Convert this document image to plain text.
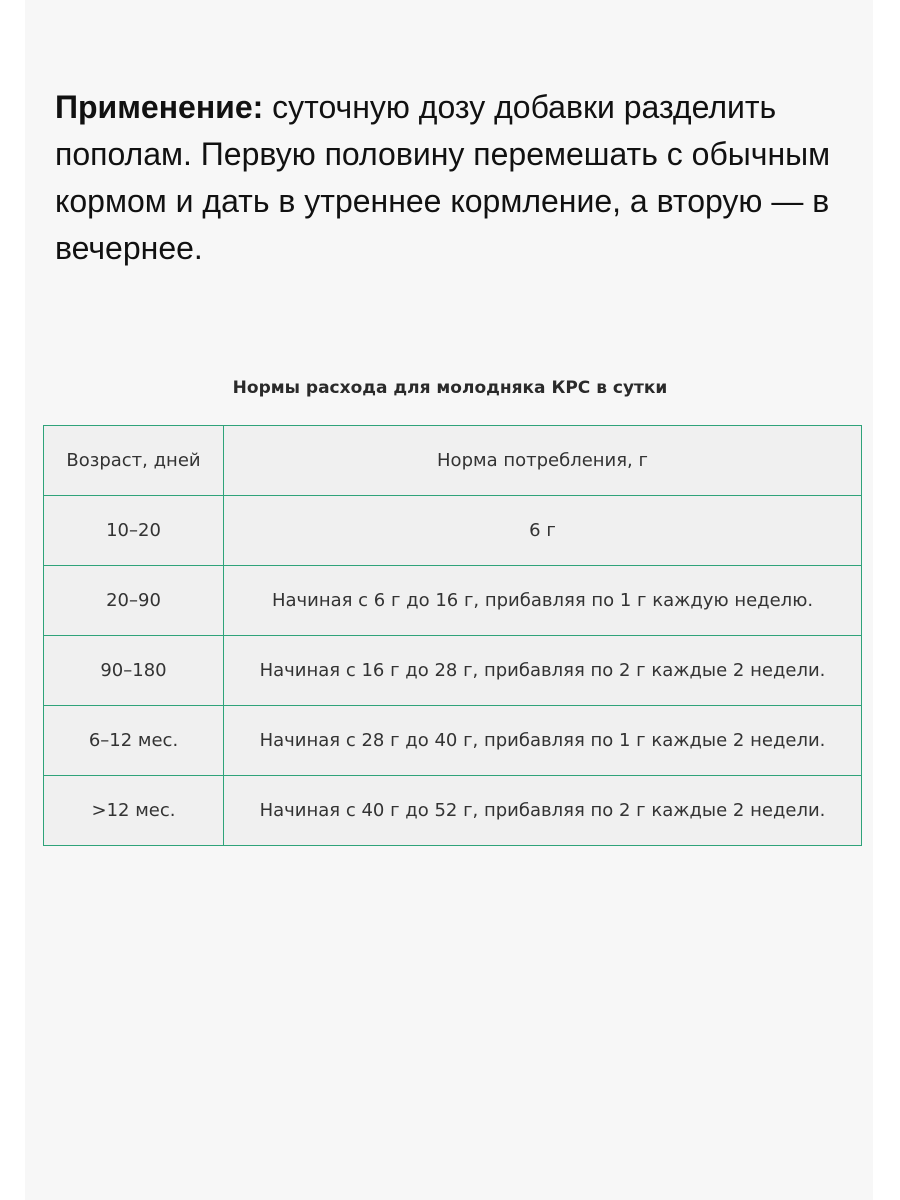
Применение: суточную дозу добавки разделить пополам. Первую половину перемешать с обычным кормом и дать в утреннее кормление, а вторую — в вечернее.

Нормы расхода для молодняка КРС в сутки
Возраст, дней	Норма потребления, г
10–20	6 г
20–90	Начиная с 6 г до 16 г, прибавляя по 1 г каждую неделю.
90–180	Начиная с 16 г до 28 г, прибавляя по 2 г каждые 2 недели.
6–12 мес.	Начиная с 28 г до 40 г, прибавляя по 1 г каждые 2 недели.
>12 мес.	Начиная с 40 г до 52 г, прибавляя по 2 г каждые 2 недели.
